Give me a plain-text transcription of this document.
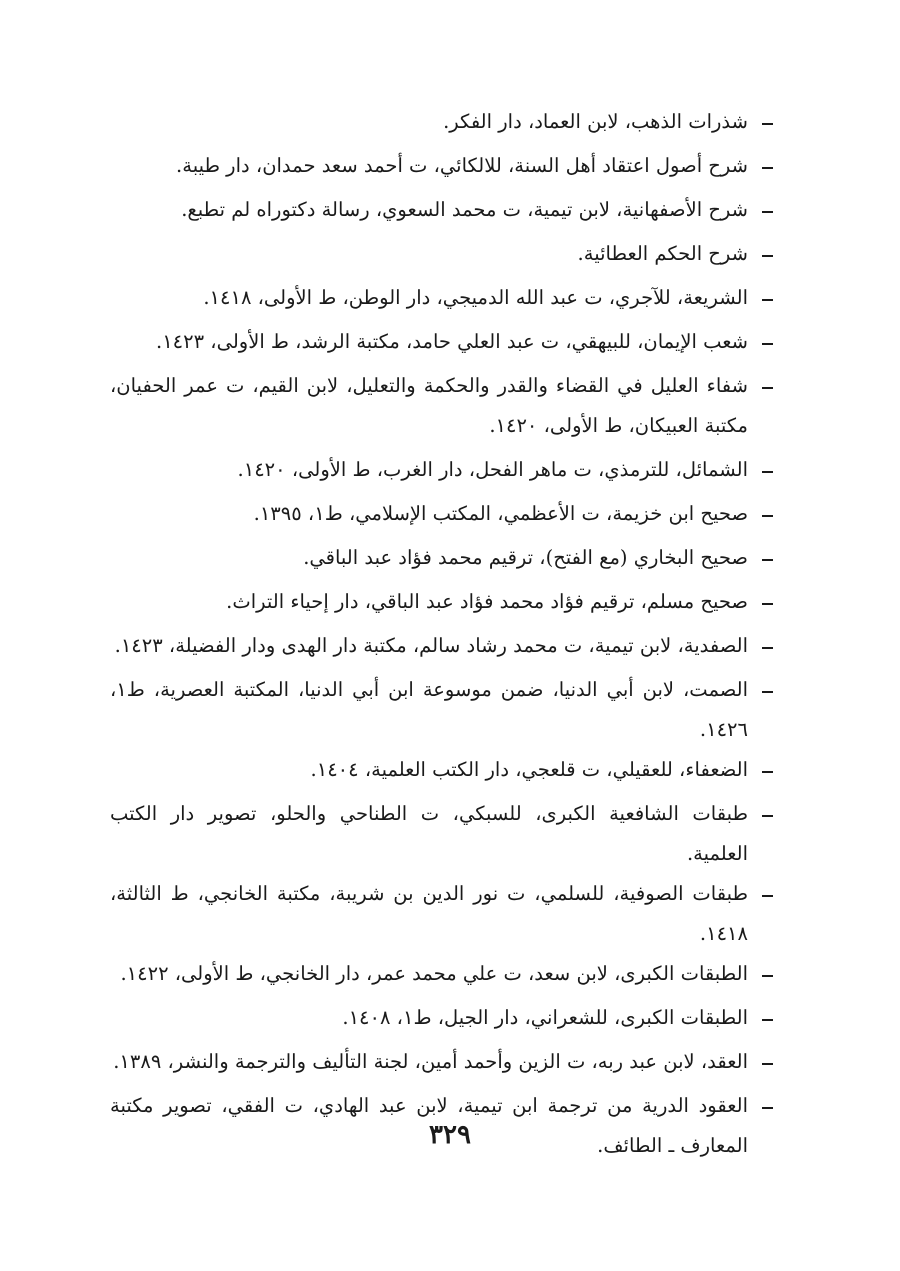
شذرات الذهب، لابن العماد، دار الفكر.
شرح أصول اعتقاد أهل السنة، للالكائي، ت أحمد سعد حمدان، دار طيبة.
شرح الأصفهانية، لابن تيمية، ت محمد السعوي، رسالة دكتوراه لم تطبع.
شرح الحكم العطائية.
الشريعة، للآجري، ت عبد الله الدميجي، دار الوطن، ط الأولى، ١٤١٨.
شعب الإيمان، للبيهقي، ت عبد العلي حامد، مكتبة الرشد، ط الأولى، ١٤٢٣.
شفاء العليل في القضاء والقدر والحكمة والتعليل، لابن القيم، ت عمر الحفيان، مكتبة العبيكان، ط الأولى، ١٤٢٠.
الشمائل، للترمذي، ت ماهر الفحل، دار الغرب، ط الأولى، ١٤٢٠.
صحيح ابن خزيمة، ت الأعظمي، المكتب الإسلامي، ط١، ١٣٩٥.
صحيح البخاري (مع الفتح)، ترقيم محمد فؤاد عبد الباقي.
صحيح مسلم، ترقيم فؤاد محمد فؤاد عبد الباقي، دار إحياء التراث.
الصفدية، لابن تيمية، ت محمد رشاد سالم، مكتبة دار الهدى ودار الفضيلة، ١٤٢٣.
الصمت، لابن أبي الدنيا، ضمن موسوعة ابن أبي الدنيا، المكتبة العصرية، ط١، ١٤٢٦.
الضعفاء، للعقيلي، ت قلعجي، دار الكتب العلمية، ١٤٠٤.
طبقات الشافعية الكبرى، للسبكي، ت الطناحي والحلو، تصوير دار الكتب العلمية.
طبقات الصوفية، للسلمي، ت نور الدين بن شريبة، مكتبة الخانجي، ط الثالثة، ١٤١٨.
الطبقات الكبرى، لابن سعد، ت علي محمد عمر، دار الخانجي، ط الأولى، ١٤٢٢.
الطبقات الكبرى، للشعراني، دار الجيل، ط١، ١٤٠٨.
العقد، لابن عبد ربه، ت الزين وأحمد أمين، لجنة التأليف والترجمة والنشر، ١٣٨٩.
العقود الدرية من ترجمة ابن تيمية، لابن عبد الهادي، ت الفقي، تصوير مكتبة المعارف ـ الطائف.
٣٢٩
